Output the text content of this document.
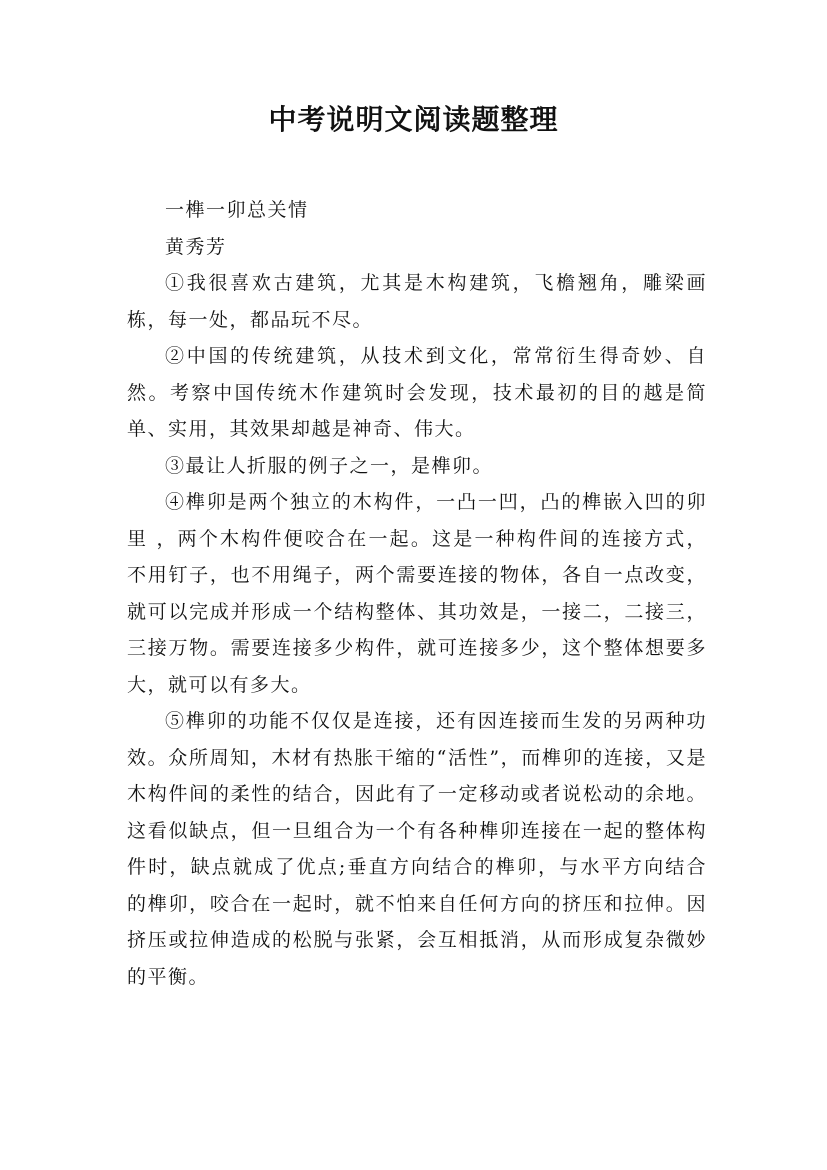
中考说明文阅读题整理

一榫一卯总关情

黄秀芳

①我很喜欢古建筑，尤其是木构建筑，飞檐翘角，雕梁画栋，每一处，都品玩不尽。

②中国的传统建筑，从技术到文化，常常衍生得奇妙、自然。考察中国传统木作建筑时会发现，技术最初的目的越是简单、实用，其效果却越是神奇、伟大。

③最让人折服的例子之一，是榫卯。

④榫卯是两个独立的木构件，一凸一凹，凸的榫嵌入凹的卯里 ，两个木构件便咬合在一起。这是一种构件间的连接方式，不用钉子，也不用绳子，两个需要连接的物体，各自一点改变，就可以完成并形成一个结构整体、其功效是，一接二，二接三，三接万物。需要连接多少构件，就可连接多少，这个整体想要多大，就可以有多大。

⑤榫卯的功能不仅仅是连接，还有因连接而生发的另两种功效。众所周知，木材有热胀干缩的“活性”，而榫卯的连接，又是木构件间的柔性的结合，因此有了一定移动或者说松动的余地。这看似缺点，但一旦组合为一个有各种榫卯连接在一起的整体构件时，缺点就成了优点;垂直方向结合的榫卯，与水平方向结合的榫卯，咬合在一起时，就不怕来自任何方向的挤压和拉伸。因挤压或拉伸造成的松脱与张紧，会互相抵消，从而形成复杂微妙的平衡。
